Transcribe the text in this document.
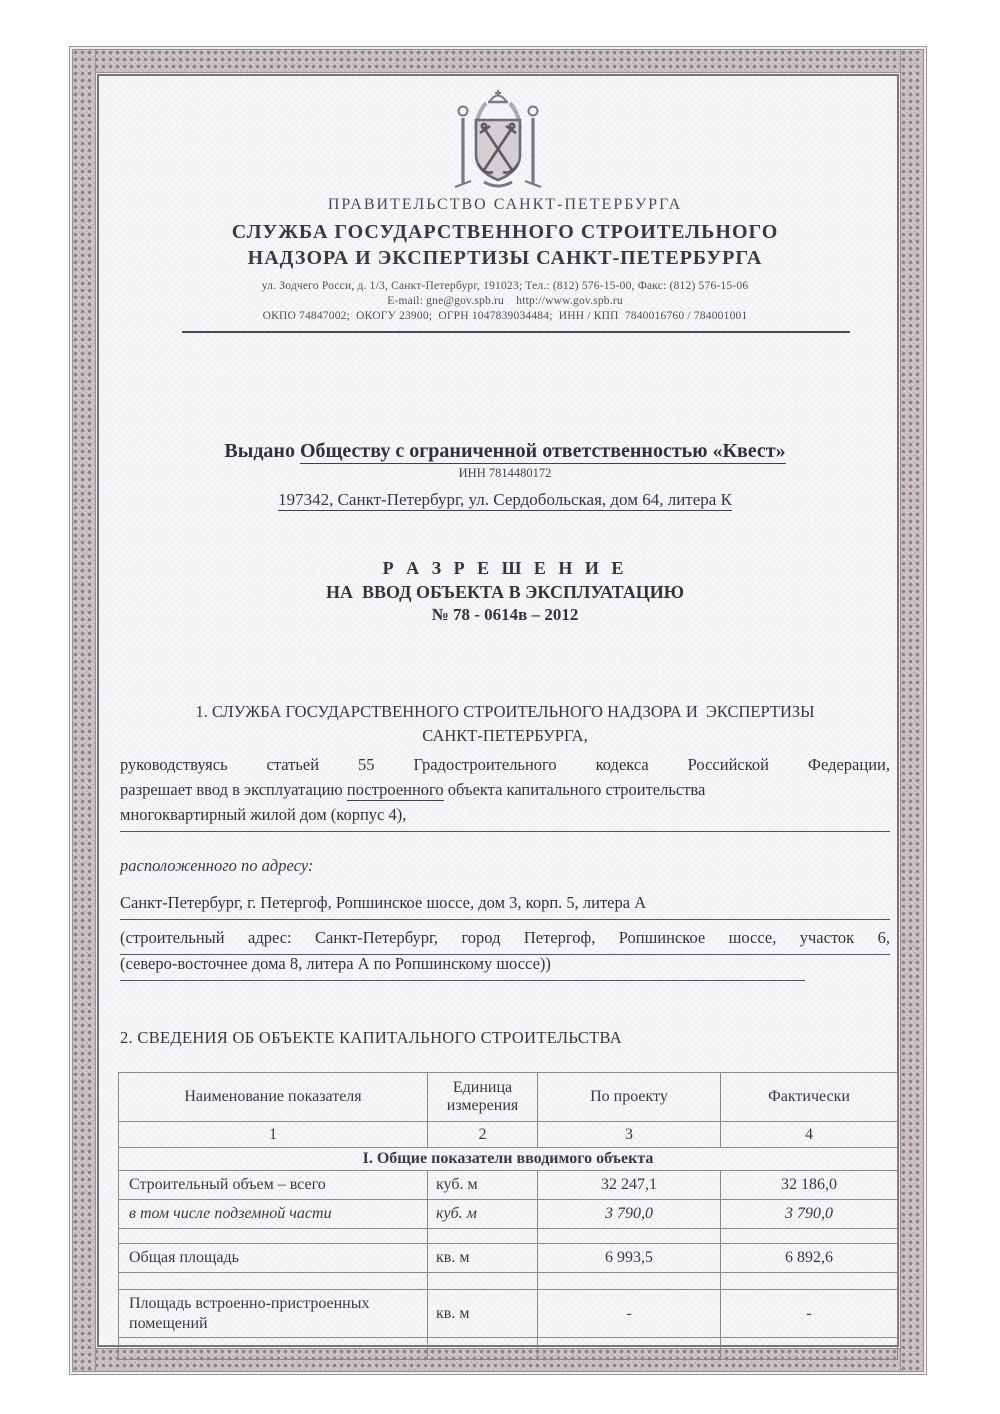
ПРАВИТЕЛЬСТВО САНКТ-ПЕТЕРБУРГА
СЛУЖБА ГОСУДАРСТВЕННОГО СТРОИТЕЛЬНОГО
НАДЗОРА И ЭКСПЕРТИЗЫ САНКТ-ПЕТЕРБУРГА
ул. Зодчего Росси, д. 1/3, Санкт-Петербург, 191023; Тел.: (812) 576-15-00, Факс: (812) 576-15-06
E-mail: gne@gov.spb.ru    http://www.gov.spb.ru
ОКПО 74847002;  ОКОГУ 23900;  ОГРН 1047839034484;  ИНН / КПП  7840016760 / 784001001
Выдано Обществу с ограниченной ответственностью «Квест»
ИНН 7814480172
197342, Санкт-Петербург, ул. Сердобольская, дом 64, литера К
Р А З Р Е Ш Е Н И Е
НА  ВВОД ОБЪЕКТА В ЭКСПЛУАТАЦИЮ
№ 78 - 0614в – 2012
1. СЛУЖБА ГОСУДАРСТВЕННОГО СТРОИТЕЛЬНОГО НАДЗОРА И  ЭКСПЕРТИЗЫ
САНКТ-ПЕТЕРБУРГА,
руководствуясь статьей 55 Градостроительного кодекса Российской Федерации,
разрешает ввод в эксплуатацию построенного объекта капитального строительства
многоквартирный жилой дом (корпус 4),
расположенного по адресу:
Санкт-Петербург, г. Петергоф, Ропшинское шоссе, дом 3, корп. 5, литера А
(строительный адрес: Санкт-Петербург, город Петергоф, Ропшинское шоссе, участок 6,
(северо-восточнее дома 8, литера А по Ропшинскому шоссе))
2. СВЕДЕНИЯ ОБ ОБЪЕКТЕ КАПИТАЛЬНОГО СТРОИТЕЛЬСТВА
Наименование показателя	Единица измерения	По проекту	Фактически
1	2	3	4
I. Общие показатели вводимого объекта			
Строительный объем – всего	куб. м	32 247,1	32 186,0
в том числе подземной части	куб. м	3 790,0	3 790,0

Общая площадь	кв. м	6 993,5	6 892,6

Площадь встроенно-пристроенных помещений	кв. м	-	-
